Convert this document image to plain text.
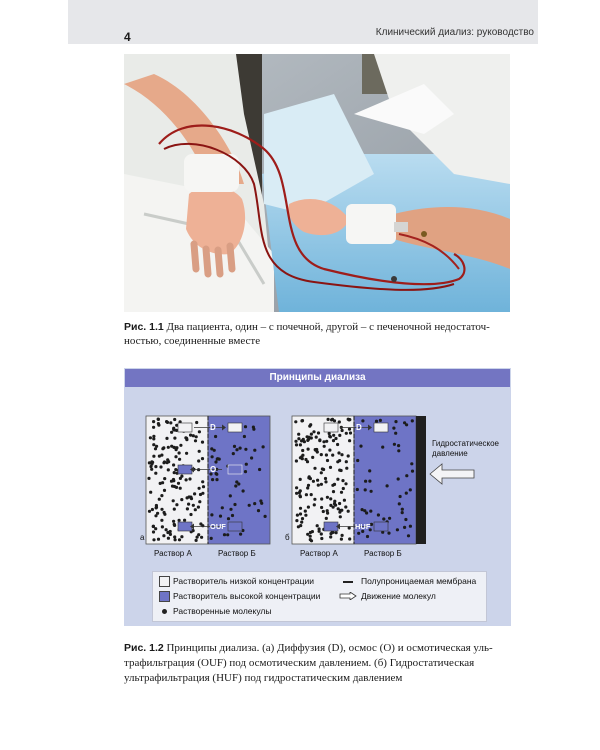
4	Клинический диализ: руководство
Рис. 1.1 Два пациента, один – с почечной, другой – с печеночной недостаточ-
ностью, соединенные вместе
Принципы диализа
D
O
OUF
а
Раствор А	Раствор Б
D
HUF
б
Раствор А	Раствор Б
Гидростатическое
давление
Растворитель низкой концентрации
Растворитель высокой концентрации
Растворенные молекулы
Полупроницаемая мембрана
Движение молекул
Рис. 1.2 Принципы диализа. (а) Диффузия (D), осмос (O) и осмотическая уль-
трафильтрация (OUF) под осмотическим давлением. (б) Гидростатическая
ультрафильтрация (HUF) под гидростатическим давлением
